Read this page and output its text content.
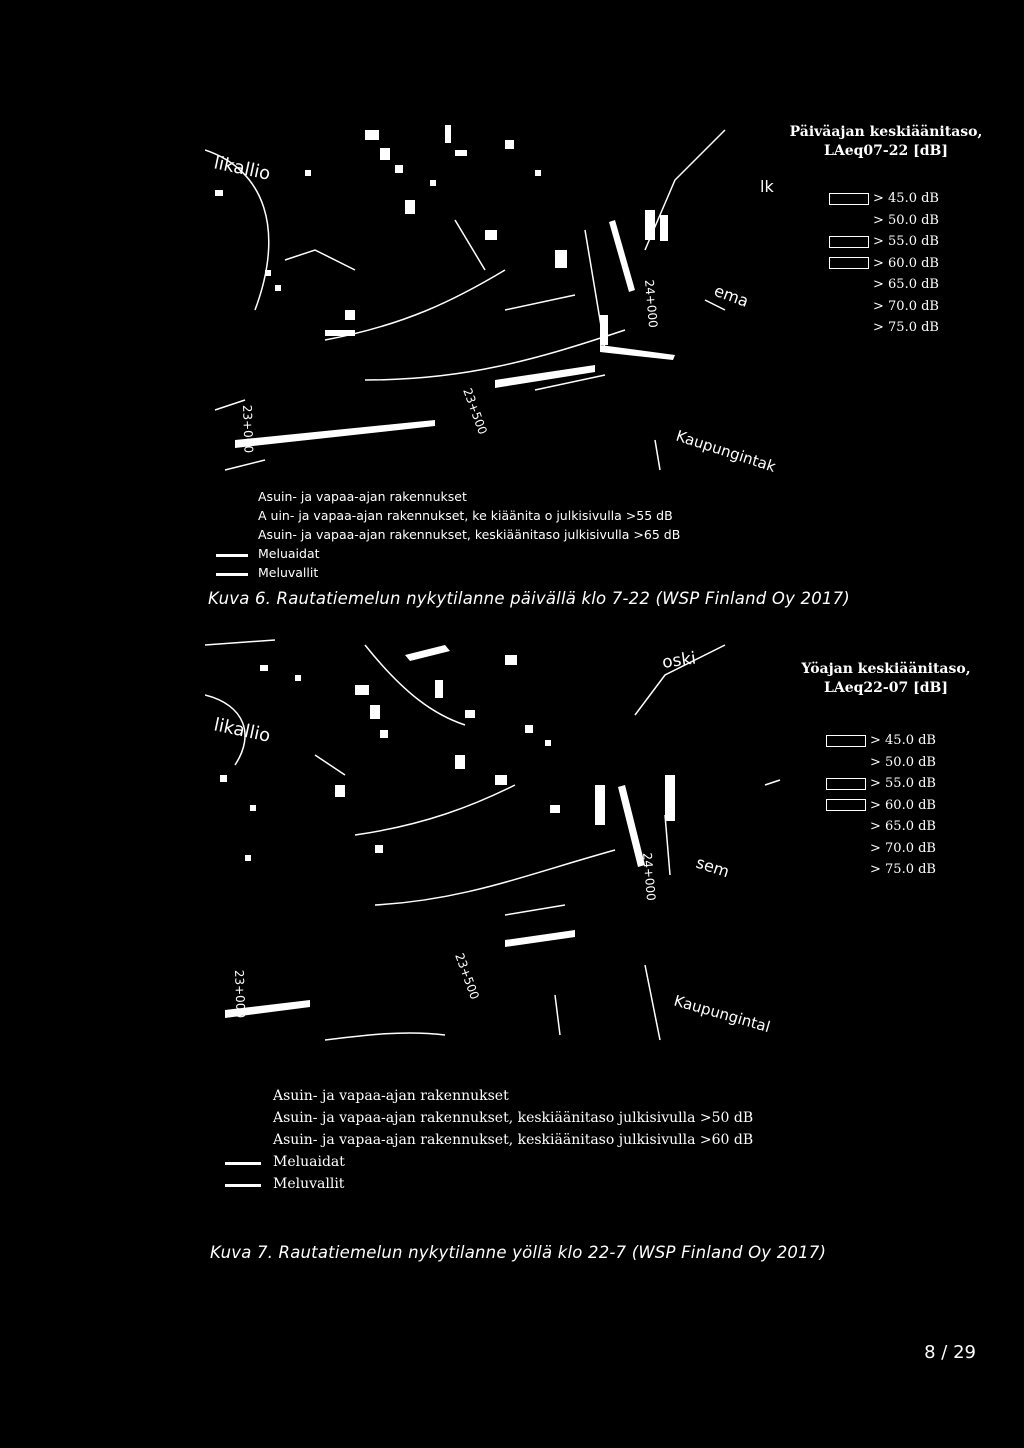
likallio
ema
Kaupungintak
lk
24+000
23+500
23+000
Päiväajan keskiäänitaso,
LAeq07-22 [dB]
> 45.0 dB
> 50.0 dB
> 55.0 dB
> 60.0 dB
> 65.0 dB
> 70.0 dB
> 75.0 dB
Asuin- ja vapaa-ajan rakennukset
A uin- ja vapaa-ajan rakennukset, ke kiäänita o julkisivulla >55 dB
Asuin- ja vapaa-ajan rakennukset, keskiäänitaso julkisivulla >65 dB
Meluaidat
Meluvallit
Kuva 6. Rautatiemelun nykytilanne päivällä klo 7-22 (WSP Finland Oy 2017)
likallio
sem
Kaupungintal
oski
24+000
23+500
23+000
Yöajan keskiäänitaso,
LAeq22-07 [dB]
> 45.0 dB
> 50.0 dB
> 55.0 dB
> 60.0 dB
> 65.0 dB
> 70.0 dB
> 75.0 dB
Asuin- ja vapaa-ajan rakennukset
Asuin- ja vapaa-ajan rakennukset, keskiäänitaso julkisivulla >50 dB
Asuin- ja vapaa-ajan rakennukset, keskiäänitaso julkisivulla >60 dB
Meluaidat
Meluvallit
Kuva 7. Rautatiemelun nykytilanne yöllä klo 22-7 (WSP Finland Oy 2017)
8 / 29
